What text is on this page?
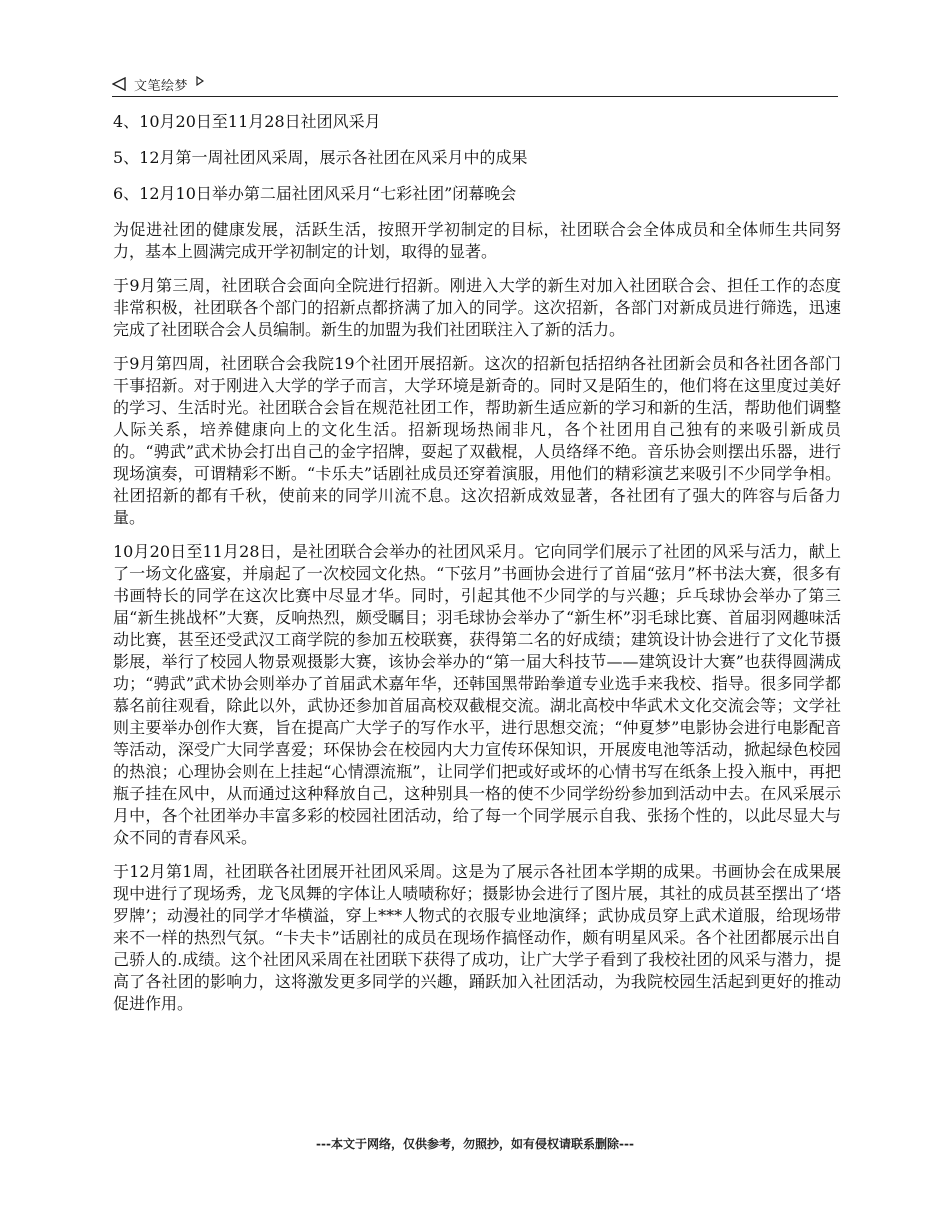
文笔绘梦

4、10月20日至11月28日社团风采月

5、12月第一周社团风采周，展示各社团在风采月中的成果

6、12月10日举办第二届社团风采月“七彩社团”闭幕晚会

为促进社团的健康发展，活跃生活，按照开学初制定的目标，社团联合会全体成员和全体师生共同努力，基本上圆满完成开学初制定的计划，取得的显著。

于9月第三周，社团联合会面向全院进行招新。刚进入大学的新生对加入社团联合会、担任工作的态度非常积极，社团联各个部门的招新点都挤满了加入的同学。这次招新，各部门对新成员进行筛选，迅速完成了社团联合会人员编制。新生的加盟为我们社团联注入了新的活力。

于9月第四周，社团联合会我院19个社团开展招新。这次的招新包括招纳各社团新会员和各社团各部门干事招新。对于刚进入大学的学子而言，大学环境是新奇的。同时又是陌生的，他们将在这里度过美好的学习、生活时光。社团联合会旨在规范社团工作，帮助新生适应新的学习和新的生活，帮助他们调整人际关系，培养健康向上的文化生活。招新现场热闹非凡，各个社团用自己独有的来吸引新成员的。“骋武”武术协会打出自己的金字招牌，耍起了双截棍，人员络绎不绝。音乐协会则摆出乐器，进行现场演奏，可谓精彩不断。“卡乐夫”话剧社成员还穿着演服，用他们的精彩演艺来吸引不少同学争相。社团招新的都有千秋，使前来的同学川流不息。这次招新成效显著，各社团有了强大的阵容与后备力量。

10月20日至11月28日，是社团联合会举办的社团风采月。它向同学们展示了社团的风采与活力，献上了一场文化盛宴，并扇起了一次校园文化热。“下弦月”书画协会进行了首届“弦月”杯书法大赛，很多有书画特长的同学在这次比赛中尽显才华。同时，引起其他不少同学的与兴趣；乒乓球协会举办了第三届“新生挑战杯”大赛，反响热烈，颇受瞩目；羽毛球协会举办了“新生杯”羽毛球比赛、首届羽网趣味活动比赛，甚至还受武汉工商学院的参加五校联赛，获得第二名的好成绩；建筑设计协会进行了文化节摄影展，举行了校园人物景观摄影大赛，该协会举办的“第一届大科技节——建筑设计大赛”也获得圆满成功；“骋武”武术协会则举办了首届武术嘉年华，还韩国黑带跆拳道专业选手来我校、指导。很多同学都慕名前往观看，除此以外，武协还参加首届高校双截棍交流。湖北高校中华武术文化交流会等；文学社则主要举办创作大赛，旨在提高广大学子的写作水平，进行思想交流；“仲夏梦”电影协会进行电影配音等活动，深受广大同学喜爱；环保协会在校园内大力宣传环保知识，开展废电池等活动，掀起绿色校园的热浪；心理协会则在上挂起“心情漂流瓶”，让同学们把或好或坏的心情书写在纸条上投入瓶中，再把瓶子挂在风中，从而通过这种释放自己，这种别具一格的使不少同学纷纷参加到活动中去。在风采展示月中，各个社团举办丰富多彩的校园社团活动，给了每一个同学展示自我、张扬个性的，以此尽显大与众不同的青春风采。

于12月第1周，社团联各社团展开社团风采周。这是为了展示各社团本学期的成果。书画协会在成果展现中进行了现场秀，龙飞凤舞的字体让人啧啧称好；摄影协会进行了图片展，其社的成员甚至摆出了‘塔罗牌’；动漫社的同学才华横溢，穿上***人物式的衣服专业地演绎；武协成员穿上武术道服，给现场带来不一样的热烈气氛。“卡夫卡”话剧社的成员在现场作搞怪动作，颇有明星风采。各个社团都展示出自己骄人的.成绩。这个社团风采周在社团联下获得了成功，让广大学子看到了我校社团的风采与潜力，提高了各社团的影响力，这将激发更多同学的兴趣，踊跃加入社团活动，为我院校园生活起到更好的推动促进作用。

---本文于网络，仅供参考，勿照抄，如有侵权请联系删除---
